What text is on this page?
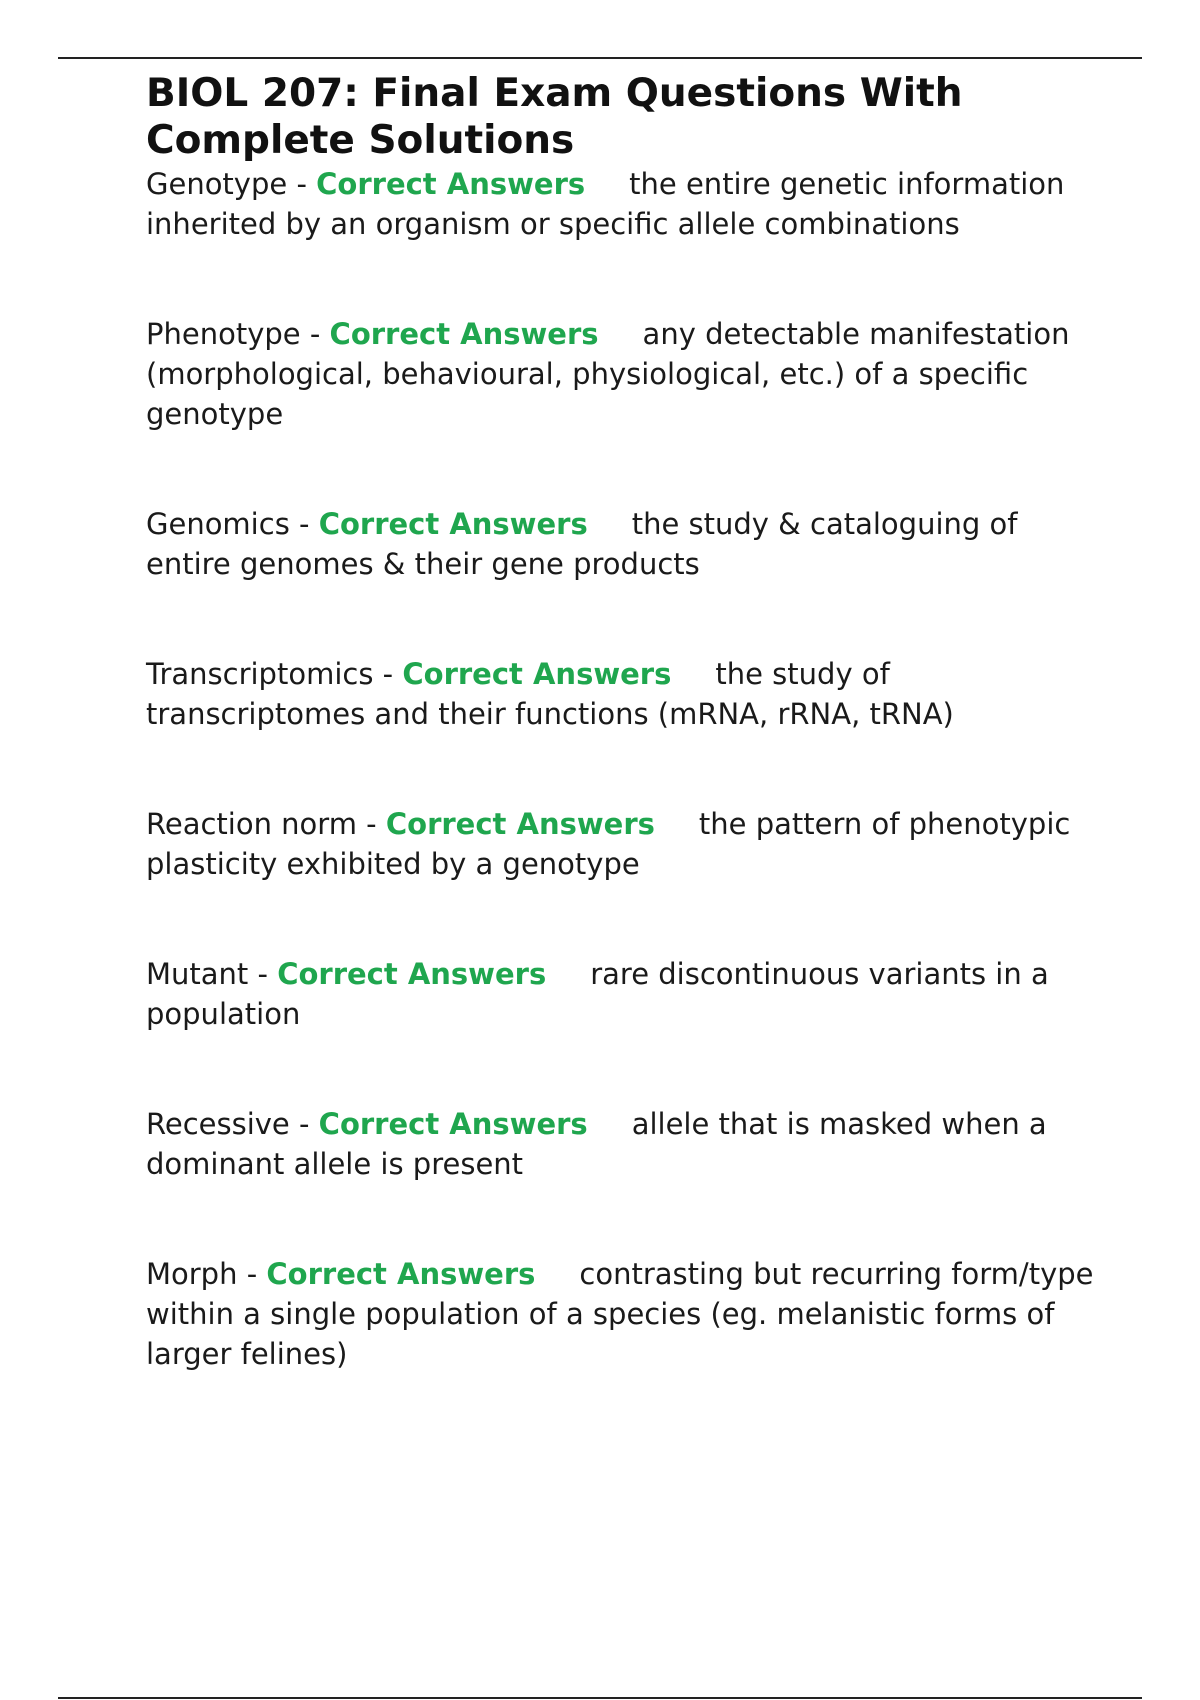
BIOL 207: Final Exam Questions With Complete Solutions

Genotype - Correct Answers the entire genetic information inherited by an organism or specific allele combinations

Phenotype - Correct Answers any detectable manifestation (morphological, behavioural, physiological, etc.) of a specific genotype

Genomics - Correct Answers the study & cataloguing of entire genomes & their gene products

Transcriptomics - Correct Answers the study of transcriptomes and their functions (mRNA, rRNA, tRNA)

Reaction norm - Correct Answers the pattern of phenotypic plasticity exhibited by a genotype

Mutant - Correct Answers rare discontinuous variants in a population

Recessive - Correct Answers allele that is masked when a dominant allele is present

Morph - Correct Answers contrasting but recurring form/type within a single population of a species (eg. melanistic forms of larger felines)
